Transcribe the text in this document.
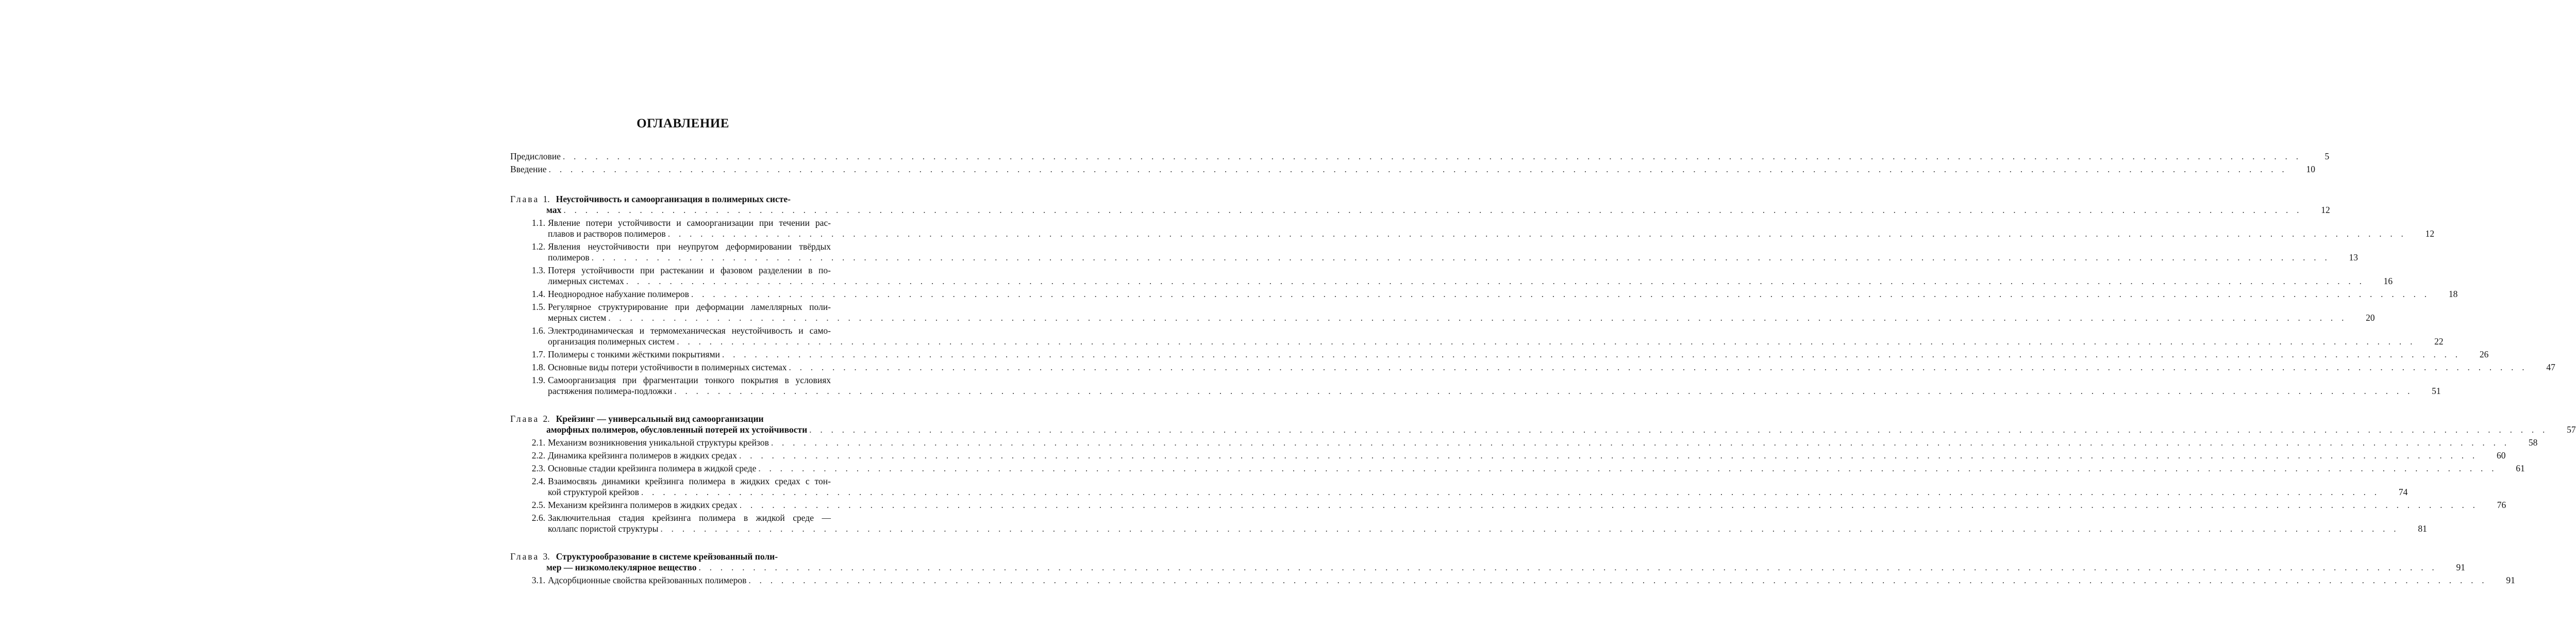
ОГЛАВЛЕНИЕ
Предисловие . . . . . . . . . . . . . . . . . . . . . . . . . . . . . . . . . . . . . . . . . . . . . . . . . . . . . . . . . . . . . . . . . . . . . . . . . . . . . . . . . . . . . . . . . . . . . . . . . . . . . . . . . . . . . . . . . . . . . . . . . . . . . . . . . . . . . . . . . . . . . . . . . . . . . . . . . . . . . . . .	5
Введение . . . . . . . . . . . . . . . . . . . . . . . . . . . . . . . . . . . . . . . . . . . . . . . . . . . . . . . . . . . . . . . . . . . . . . . . . . . . . . . . . . . . . . . . . . . . . . . . . . . . . . . . . . . . . . . . . . . . . . . . . . . . . . . . . . . . . . . . . . . . . . . . . . . . . . . . . . . . . . . .	10
Глава 1. Неустойчивость и самоорганизация в полимерных систе-
мах . . . . . . . . . . . . . . . . . . . . . . . . . . . . . . . . . . . . . . . . . . . . . . . . . . . . . . . . . . . . . . . . . . . . . . . . . . . . . . . . . . . . . . . . . . . . . . . . . . . . . . . . . . . . . . . . . . . . . . . . . . . . . . . . . . . . . . . . . . . . . . . . . . . . . . . . . . . . . . . .	12
1.1. Явление потери устойчивости и самоорганизации при течении рас-
плавов и растворов полимеров . . . . . . . . . . . . . . . . . . . . . . . . . . . . . . . . . . . . . . . . . . . . . . . . . . . . . . . . . . . . . . . . . . . . . . . . . . . . . . . . . . . . . . . . . . . . . . . . . . . . . . . . . . . . . . . . . . . . . . . . . . . . . . . . . . . . . . . . . . . . . . . . . . . . . . . . . . . . . . . .	12
1.2. Явления неустойчивости при неупругом деформировании твёрдых
полимеров . . . . . . . . . . . . . . . . . . . . . . . . . . . . . . . . . . . . . . . . . . . . . . . . . . . . . . . . . . . . . . . . . . . . . . . . . . . . . . . . . . . . . . . . . . . . . . . . . . . . . . . . . . . . . . . . . . . . . . . . . . . . . . . . . . . . . . . . . . . . . . . . . . . . . . . . . . . . . . . .	13
1.3. Потеря устойчивости при растекании и фазовом разделении в по-
лимерных системах . . . . . . . . . . . . . . . . . . . . . . . . . . . . . . . . . . . . . . . . . . . . . . . . . . . . . . . . . . . . . . . . . . . . . . . . . . . . . . . . . . . . . . . . . . . . . . . . . . . . . . . . . . . . . . . . . . . . . . . . . . . . . . . . . . . . . . . . . . . . . . . . . . . . . . . . . . . . . . . .	16
1.4. Неоднородное набухание полимеров . . . . . . . . . . . . . . . . . . . . . . . . . . . . . . . . . . . . . . . . . . . . . . . . . . . . . . . . . . . . . . . . . . . . . . . . . . . . . . . . . . . . . . . . . . . . . . . . . . . . . . . . . . . . . . . . . . . . . . . . . . . . . . . . . . . . . . . . . . . . . . . . . . . . . . . . . . . . . . . .	18
1.5. Регулярное структурирование при деформации ламеллярных поли-
мерных систем . . . . . . . . . . . . . . . . . . . . . . . . . . . . . . . . . . . . . . . . . . . . . . . . . . . . . . . . . . . . . . . . . . . . . . . . . . . . . . . . . . . . . . . . . . . . . . . . . . . . . . . . . . . . . . . . . . . . . . . . . . . . . . . . . . . . . . . . . . . . . . . . . . . . . . . . . . . . . . . .	20
1.6. Электродинамическая и термомеханическая неустойчивость и само-
организация полимерных систем . . . . . . . . . . . . . . . . . . . . . . . . . . . . . . . . . . . . . . . . . . . . . . . . . . . . . . . . . . . . . . . . . . . . . . . . . . . . . . . . . . . . . . . . . . . . . . . . . . . . . . . . . . . . . . . . . . . . . . . . . . . . . . . . . . . . . . . . . . . . . . . . . . . . . . . . . . . . . . . .	22
1.7. Полимеры с тонкими жёсткими покрытиями . . . . . . . . . . . . . . . . . . . . . . . . . . . . . . . . . . . . . . . . . . . . . . . . . . . . . . . . . . . . . . . . . . . . . . . . . . . . . . . . . . . . . . . . . . . . . . . . . . . . . . . . . . . . . . . . . . . . . . . . . . . . . . . . . . . . . . . . . . . . . . . . . . . . . . . . . . . . . . . .	26
1.8. Основные виды потери устойчивости в полимерных системах . . . . . . . . . . . . . . . . . . . . . . . . . . . . . . . . . . . . . . . . . . . . . . . . . . . . . . . . . . . . . . . . . . . . . . . . . . . . . . . . . . . . . . . . . . . . . . . . . . . . . . . . . . . . . . . . . . . . . . . . . . . . . . . . . . . . . . . . . . . . . . . . . . . . . . . . . . . . . . . .	47
1.9. Самоорганизация при фрагментации тонкого покрытия в условиях
растяжения полимера-подложки . . . . . . . . . . . . . . . . . . . . . . . . . . . . . . . . . . . . . . . . . . . . . . . . . . . . . . . . . . . . . . . . . . . . . . . . . . . . . . . . . . . . . . . . . . . . . . . . . . . . . . . . . . . . . . . . . . . . . . . . . . . . . . . . . . . . . . . . . . . . . . . . . . . . . . . . . . . . . . . .	51
Глава 2. Крейзинг — универсальный вид самоорганизации
аморфных полимеров, обусловленный потерей их устойчивости . . . . . . . . . . . . . . . . . . . . . . . . . . . . . . . . . . . . . . . . . . . . . . . . . . . . . . . . . . . . . . . . . . . . . . . . . . . . . . . . . . . . . . . . . . . . . . . . . . . . . . . . . . . . . . . . . . . . . . . . . . . . . . . . . . . . . . . . . . . . . . . . . . . . . . . . . . . . . . . .	57
2.1. Механизм возникновения уникальной структуры крейзов . . . . . . . . . . . . . . . . . . . . . . . . . . . . . . . . . . . . . . . . . . . . . . . . . . . . . . . . . . . . . . . . . . . . . . . . . . . . . . . . . . . . . . . . . . . . . . . . . . . . . . . . . . . . . . . . . . . . . . . . . . . . . . . . . . . . . . . . . . . . . . . . . . . . . . . . . . . . . . . .	58
2.2. Динамика крейзинга полимеров в жидких средах . . . . . . . . . . . . . . . . . . . . . . . . . . . . . . . . . . . . . . . . . . . . . . . . . . . . . . . . . . . . . . . . . . . . . . . . . . . . . . . . . . . . . . . . . . . . . . . . . . . . . . . . . . . . . . . . . . . . . . . . . . . . . . . . . . . . . . . . . . . . . . . . . . . . . . . . . . . . . . . .	60
2.3. Основные стадии крейзинга полимера в жидкой среде . . . . . . . . . . . . . . . . . . . . . . . . . . . . . . . . . . . . . . . . . . . . . . . . . . . . . . . . . . . . . . . . . . . . . . . . . . . . . . . . . . . . . . . . . . . . . . . . . . . . . . . . . . . . . . . . . . . . . . . . . . . . . . . . . . . . . . . . . . . . . . . . . . . . . . . . . . . . . . . .	61
2.4. Взаимосвязь динамики крейзинга полимера в жидких средах с тон-
кой структурой крейзов . . . . . . . . . . . . . . . . . . . . . . . . . . . . . . . . . . . . . . . . . . . . . . . . . . . . . . . . . . . . . . . . . . . . . . . . . . . . . . . . . . . . . . . . . . . . . . . . . . . . . . . . . . . . . . . . . . . . . . . . . . . . . . . . . . . . . . . . . . . . . . . . . . . . . . . . . . . . . . . .	74
2.5. Механизм крейзинга полимеров в жидких средах . . . . . . . . . . . . . . . . . . . . . . . . . . . . . . . . . . . . . . . . . . . . . . . . . . . . . . . . . . . . . . . . . . . . . . . . . . . . . . . . . . . . . . . . . . . . . . . . . . . . . . . . . . . . . . . . . . . . . . . . . . . . . . . . . . . . . . . . . . . . . . . . . . . . . . . . . . . . . . . .	76
2.6. Заключительная стадия крейзинга полимера в жидкой среде —
коллапс пористой структуры . . . . . . . . . . . . . . . . . . . . . . . . . . . . . . . . . . . . . . . . . . . . . . . . . . . . . . . . . . . . . . . . . . . . . . . . . . . . . . . . . . . . . . . . . . . . . . . . . . . . . . . . . . . . . . . . . . . . . . . . . . . . . . . . . . . . . . . . . . . . . . . . . . . . . . . . . . . . . . . .	81
Глава 3. Структурообразование в системе крейзованный поли-
мер — низкомолекулярное вещество . . . . . . . . . . . . . . . . . . . . . . . . . . . . . . . . . . . . . . . . . . . . . . . . . . . . . . . . . . . . . . . . . . . . . . . . . . . . . . . . . . . . . . . . . . . . . . . . . . . . . . . . . . . . . . . . . . . . . . . . . . . . . . . . . . . . . . . . . . . . . . . . . . . . . . . . . . . . . . . .	91
3.1. Адсорбционные свойства крейзованных полимеров . . . . . . . . . . . . . . . . . . . . . . . . . . . . . . . . . . . . . . . . . . . . . . . . . . . . . . . . . . . . . . . . . . . . . . . . . . . . . . . . . . . . . . . . . . . . . . . . . . . . . . . . . . . . . . . . . . . . . . . . . . . . . . . . . . . . . . . . . . . . . . . . . . . . . . . . . . . . . . . .	91
